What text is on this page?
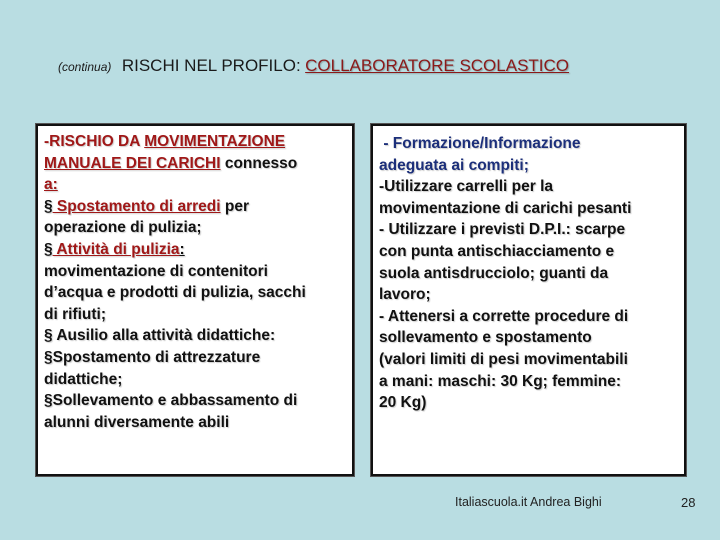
(continua) RISCHI NEL PROFILO: COLLABORATORE SCOLASTICO

-RISCHIO DA MOVIMENTAZIONE
MANUALE DEI CARICHI connesso
a:
§ Spostamento di arredi per
operazione di pulizia;
§ Attività di pulizia:
movimentazione di contenitori
d’acqua e prodotti di pulizia, sacchi
di rifiuti;
§ Ausilio alla attività didattiche:
§Spostamento di attrezzature
didattiche;
§Sollevamento e abbassamento di
alunni diversamente abili

- Formazione/Informazione
adeguata ai compiti;
-Utilizzare carrelli per la
movimentazione di carichi pesanti
- Utilizzare i previsti D.P.I.: scarpe
con punta antischiacciamento e
suola antisdrucciolo; guanti da
lavoro;
- Attenersi a corrette procedure di
sollevamento e spostamento
(valori limiti di pesi movimentabili
a mani: maschi: 30 Kg; femmine:
20 Kg)

Italiascuola.it Andrea Bighi	28
